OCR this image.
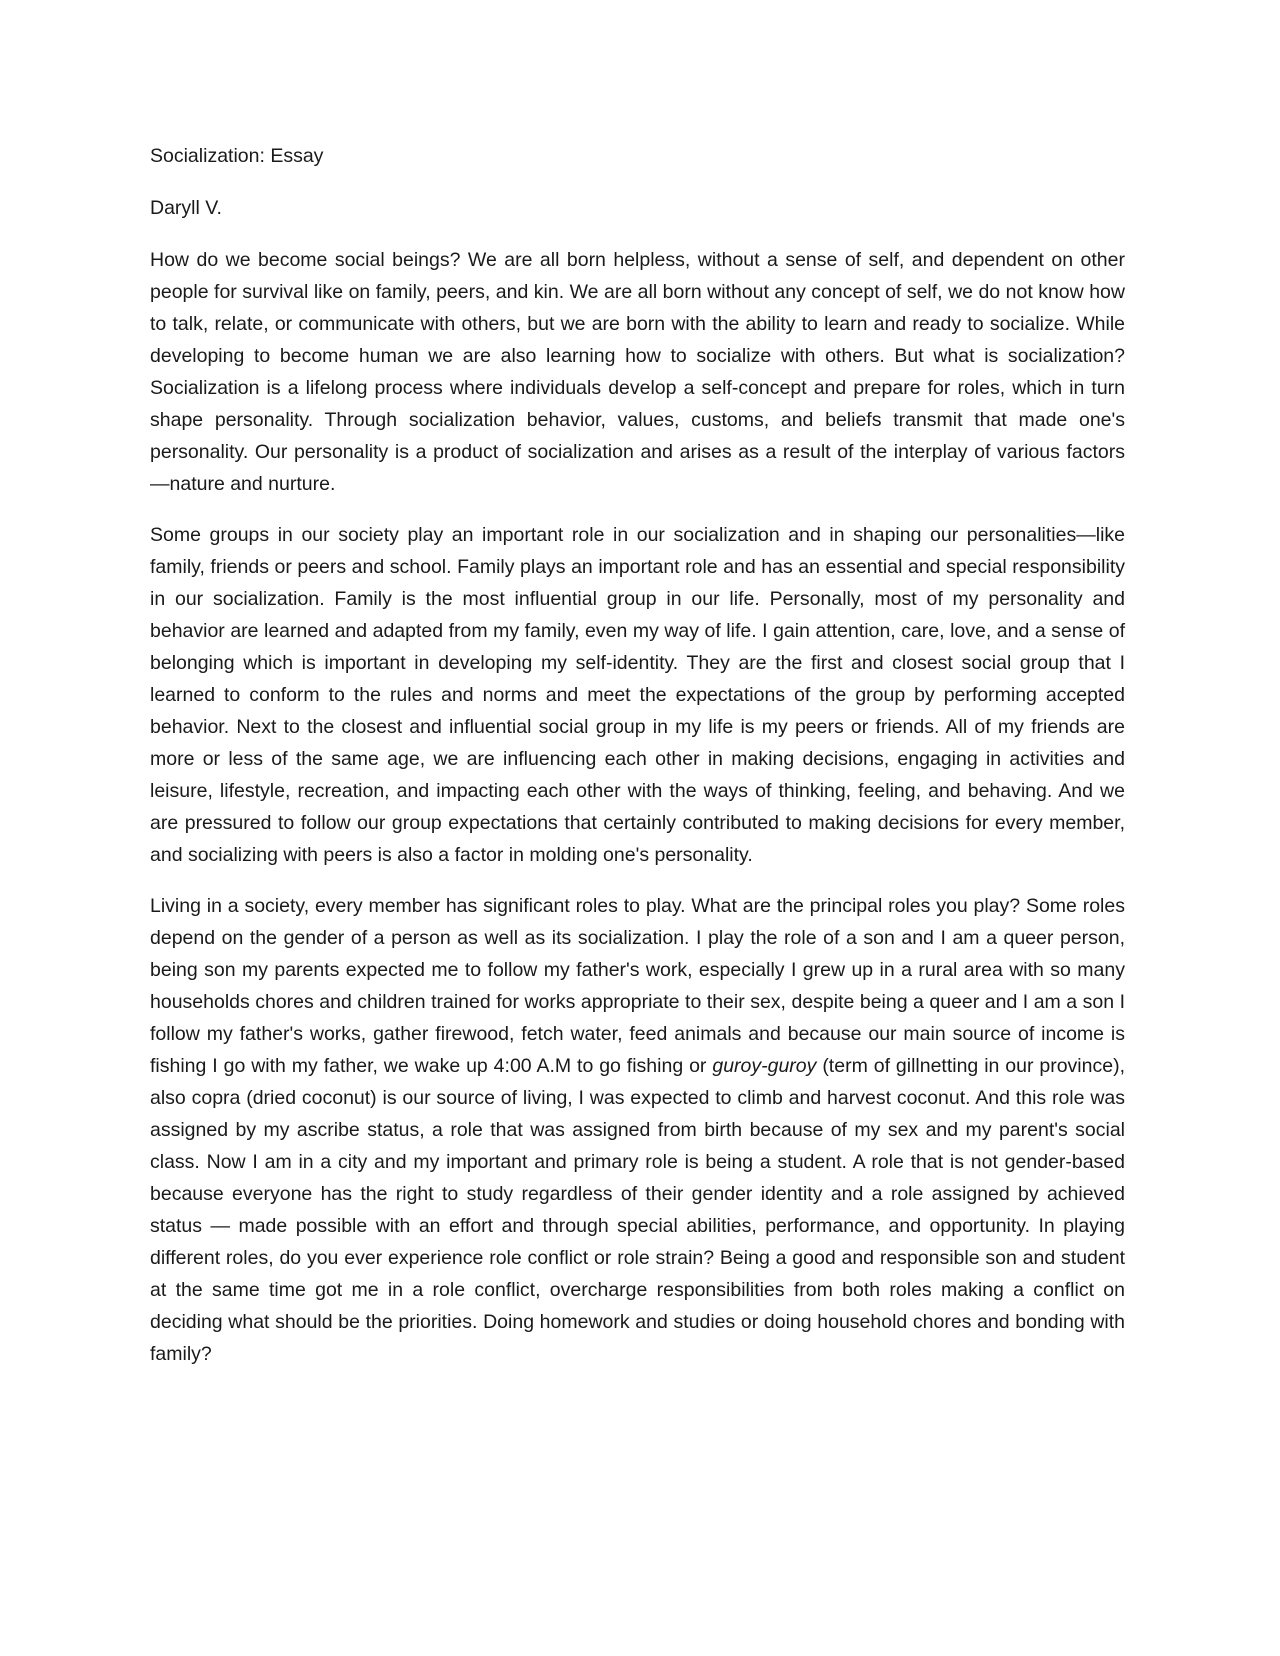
Socialization: Essay

Daryll V.

How do we become social beings? We are all born helpless, without a sense of self, and dependent on other people for survival like on family, peers, and kin. We are all born without any concept of self, we do not know how to talk, relate, or communicate with others, but we are born with the ability to learn and ready to socialize. While developing to become human we are also learning how to socialize with others. But what is socialization? Socialization is a lifelong process where individuals develop a self-concept and prepare for roles, which in turn shape personality. Through socialization behavior, values, customs, and beliefs transmit that made one's personality. Our personality is a product of socialization and arises as a result of the interplay of various factors —nature and nurture.

Some groups in our society play an important role in our socialization and in shaping our personalities—like family, friends or peers and school. Family plays an important role and has an essential and special responsibility in our socialization. Family is the most influential group in our life. Personally, most of my personality and behavior are learned and adapted from my family, even my way of life. I gain attention, care, love, and a sense of belonging which is important in developing my self-identity. They are the first and closest social group that I learned to conform to the rules and norms and meet the expectations of the group by performing accepted behavior. Next to the closest and influential social group in my life is my peers or friends. All of my friends are more or less of the same age, we are influencing each other in making decisions, engaging in activities and leisure, lifestyle, recreation, and impacting each other with the ways of thinking, feeling, and behaving. And we are pressured to follow our group expectations that certainly contributed to making decisions for every member, and socializing with peers is also a factor in molding one's personality.

Living in a society, every member has significant roles to play. What are the principal roles you play? Some roles depend on the gender of a person as well as its socialization. I play the role of a son and I am a queer person, being son my parents expected me to follow my father's work, especially I grew up in a rural area with so many households chores and children trained for works appropriate to their sex, despite being a queer and I am a son I follow my father's works, gather firewood, fetch water, feed animals and because our main source of income is fishing I go with my father, we wake up 4:00 A.M to go fishing or guroy-guroy (term of gillnetting in our province), also copra (dried coconut) is our source of living, I was expected to climb and harvest coconut. And this role was assigned by my ascribe status, a role that was assigned from birth because of my sex and my parent's social class. Now I am in a city and my important and primary role is being a student. A role that is not gender-based because everyone has the right to study regardless of their gender identity and a role assigned by achieved status — made possible with an effort and through special abilities, performance, and opportunity. In playing different roles, do you ever experience role conflict or role strain? Being a good and responsible son and student at the same time got me in a role conflict, overcharge responsibilities from both roles making a conflict on deciding what should be the priorities. Doing homework and studies or doing household chores and bonding with family?
